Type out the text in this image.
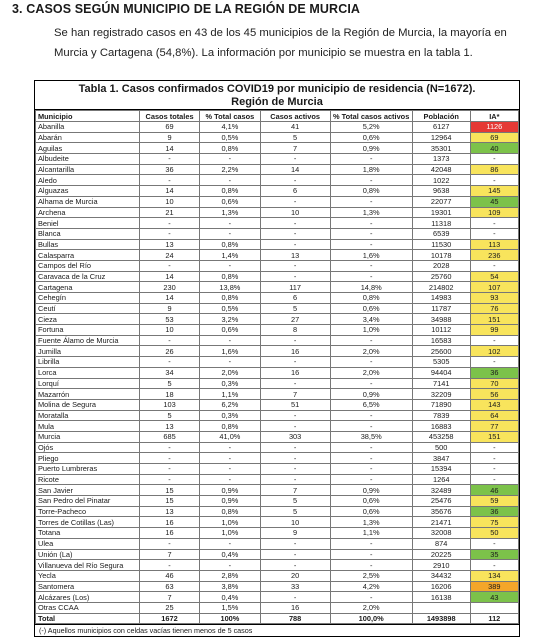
3. CASOS SEGÚN MUNICIPIO DE LA REGIÓN DE MURCIA
Se han registrado casos en 43 de los 45 municipios de la Región de Murcia, la mayoría en Murcia y Cartagena (54,8%). La información por municipio se muestra en la tabla 1.
Tabla 1. Casos confirmados COVID19 por municipio de residencia (N=1672).
Región de Murcia
Municipio	Casos totales	% Total casos	Casos activos	% Total casos activos	Población	IA*
Abanilla	69	4,1%	41	5,2%	6127	1126
Abarán	9	0,5%	5	0,6%	12964	69
Aguilas	14	0,8%	7	0,9%	35301	40
Albudeite	-	-	-	-	1373	-
Alcantarilla	36	2,2%	14	1,8%	42048	86
Aledo	-	-	-	-	1022	-
Alguazas	14	0,8%	6	0,8%	9638	145
Alhama de Murcia	10	0,6%	-	-	22077	45
Archena	21	1,3%	10	1,3%	19301	109
Beniel	-	-	-	-	11318	-
Blanca	-	-	-	-	6539	-
Bullas	13	0,8%	-	-	11530	113
Calasparra	24	1,4%	13	1,6%	10178	236
Campos del Río	-	-	-	-	2028	-
Caravaca de la Cruz	14	0,8%	-	-	25760	54
Cartagena	230	13,8%	117	14,8%	214802	107
Cehegín	14	0,8%	6	0,8%	14983	93
Ceutí	9	0,5%	5	0,6%	11787	76
Cieza	53	3,2%	27	3,4%	34988	151
Fortuna	10	0,6%	8	1,0%	10112	99
Fuente Álamo de Murcia	-	-	-	-	16583	-
Jumilla	26	1,6%	16	2,0%	25600	102
Librilla	-	-	-	-	5305	-
Lorca	34	2,0%	16	2,0%	94404	36
Lorquí	5	0,3%	-	-	7141	70
Mazarrón	18	1,1%	7	0,9%	32209	56
Molina de Segura	103	6,2%	51	6,5%	71890	143
Moratalla	5	0,3%	-	-	7839	64
Mula	13	0,8%	-	-	16883	77
Murcia	685	41,0%	303	38,5%	453258	151
Ojós	-	-	-	-	500	-
Pliego	-	-	-	-	3847	-
Puerto Lumbreras	-	-	-	-	15394	-
Ricote	-	-	-	-	1264	-
San Javier	15	0,9%	7	0,9%	32489	46
San Pedro del Pinatar	15	0,9%	5	0,6%	25476	59
Torre-Pacheco	13	0,8%	5	0,6%	35676	36
Torres de Cotillas (Las)	16	1,0%	10	1,3%	21471	75
Totana	16	1,0%	9	1,1%	32008	50
Ulea	-	-	-	-	874	-
Unión (La)	7	0,4%	-	-	20225	35
Villanueva del Río Segura	-	-	-	-	2910	-
Yecla	46	2,8%	20	2,5%	34432	134
Santomera	63	3,8%	33	4,2%	16206	389
Alcázares (Los)	7	0,4%	-	-	16138	43
Otras CCAA	25	1,5%	16	2,0%		
Total	1672	100%	788	100,0%	1493898	112
(-) Aquellos municipios con celdas vacías tienen menos de 5 casos
